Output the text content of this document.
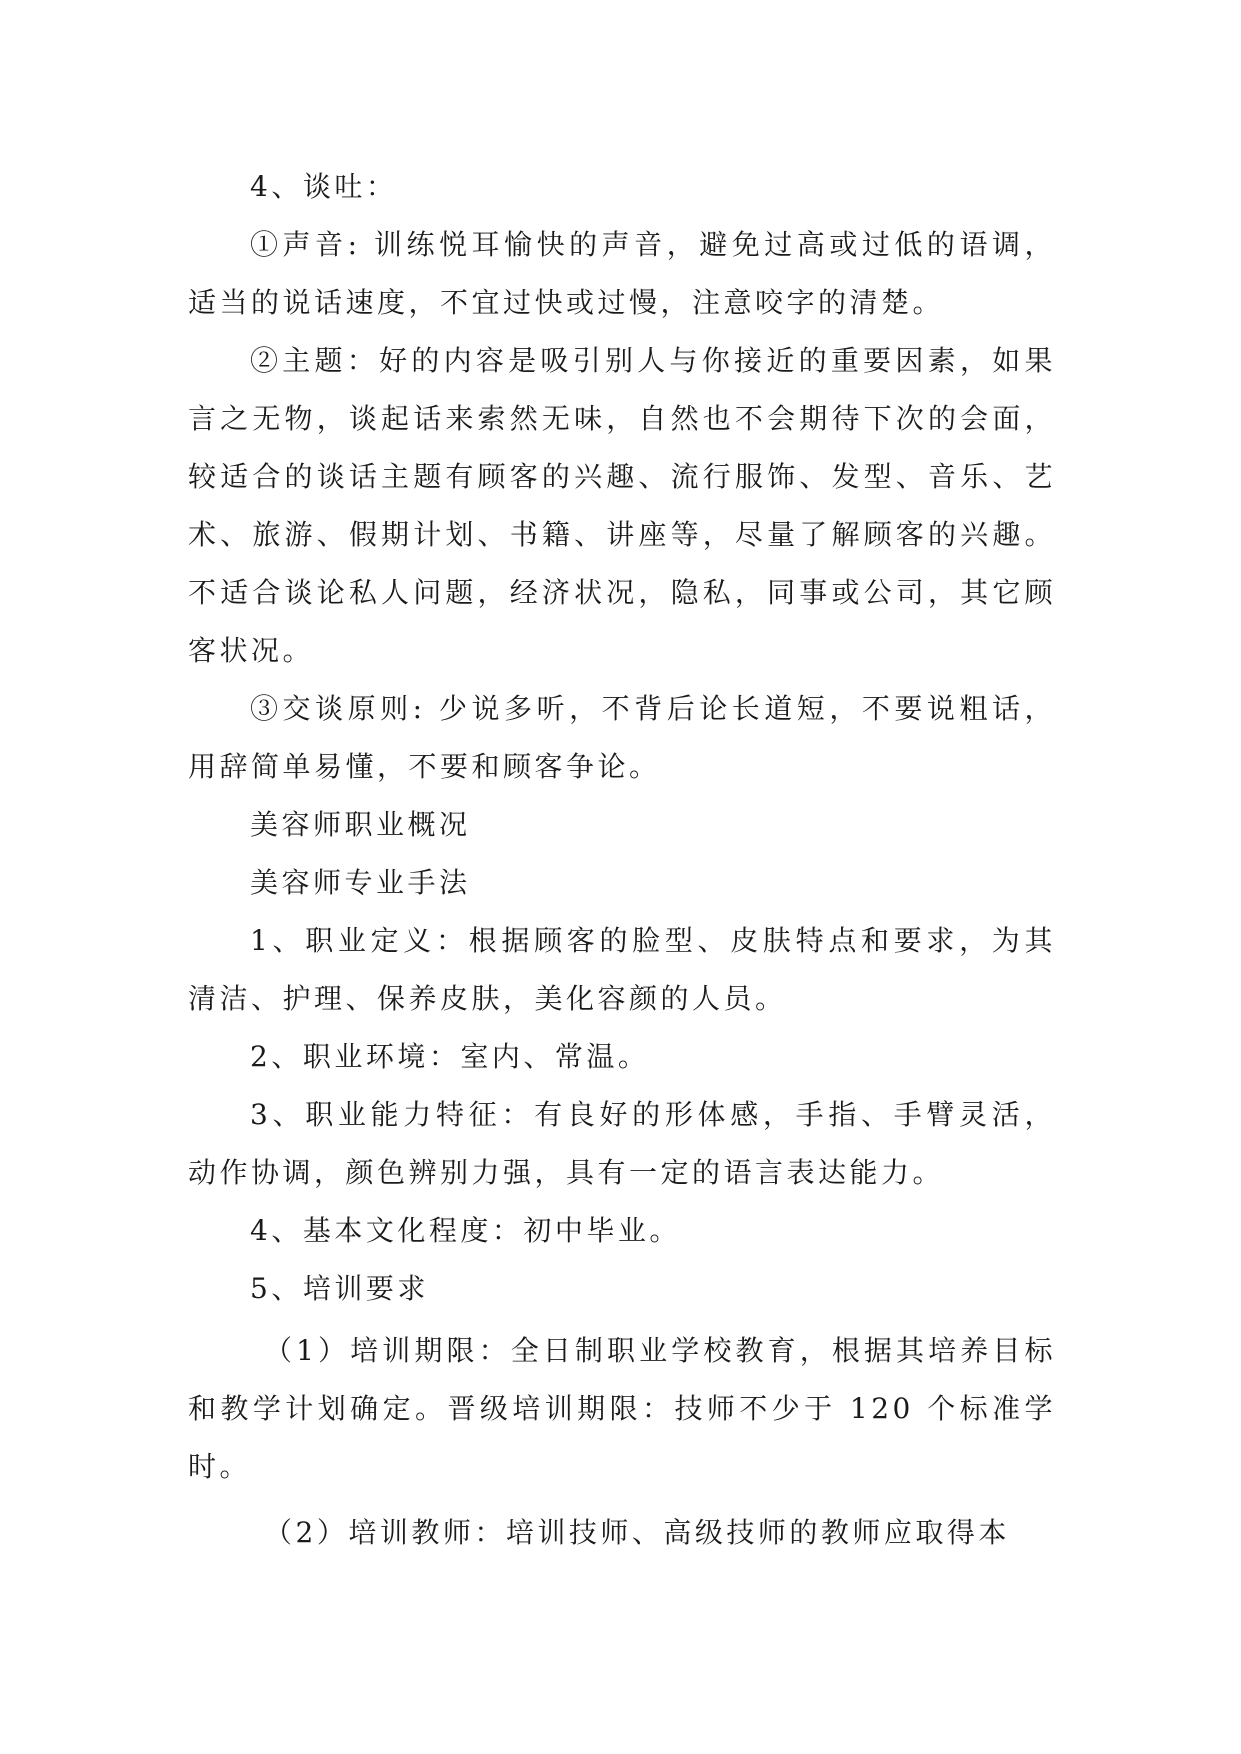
4、谈吐：

①声音: 训练悦耳愉快的声音，避免过高或过低的语调，适当的说话速度，不宜过快或过慢，注意咬字的清楚。

②主题：好的内容是吸引别人与你接近的重要因素，如果言之无物，谈起话来索然无味，自然也不会期待下次的会面，较适合的谈话主题有顾客的兴趣、流行服饰、发型、音乐、艺术、旅游、假期计划、书籍、讲座等，尽量了解顾客的兴趣。不适合谈论私人问题，经济状况，隐私，同事或公司，其它顾客状况。

③交谈原则: 少说多听，不背后论长道短，不要说粗话，用辞简单易懂，不要和顾客争论。

美容师职业概况

美容师专业手法

1、职业定义：根据顾客的脸型、皮肤特点和要求，为其清洁、护理、保养皮肤，美化容颜的人员。

2、职业环境：室内、常温。

3、职业能力特征：有良好的形体感，手指、手臂灵活，动作协调，颜色辨别力强，具有一定的语言表达能力。

4、基本文化程度：初中毕业。

5、培训要求

（1）培训期限：全日制职业学校教育，根据其培养目标和教学计划确定。晋级培训期限：技师不少于 120 个标准学时。

（2）培训教师：培训技师、高级技师的教师应取得本
